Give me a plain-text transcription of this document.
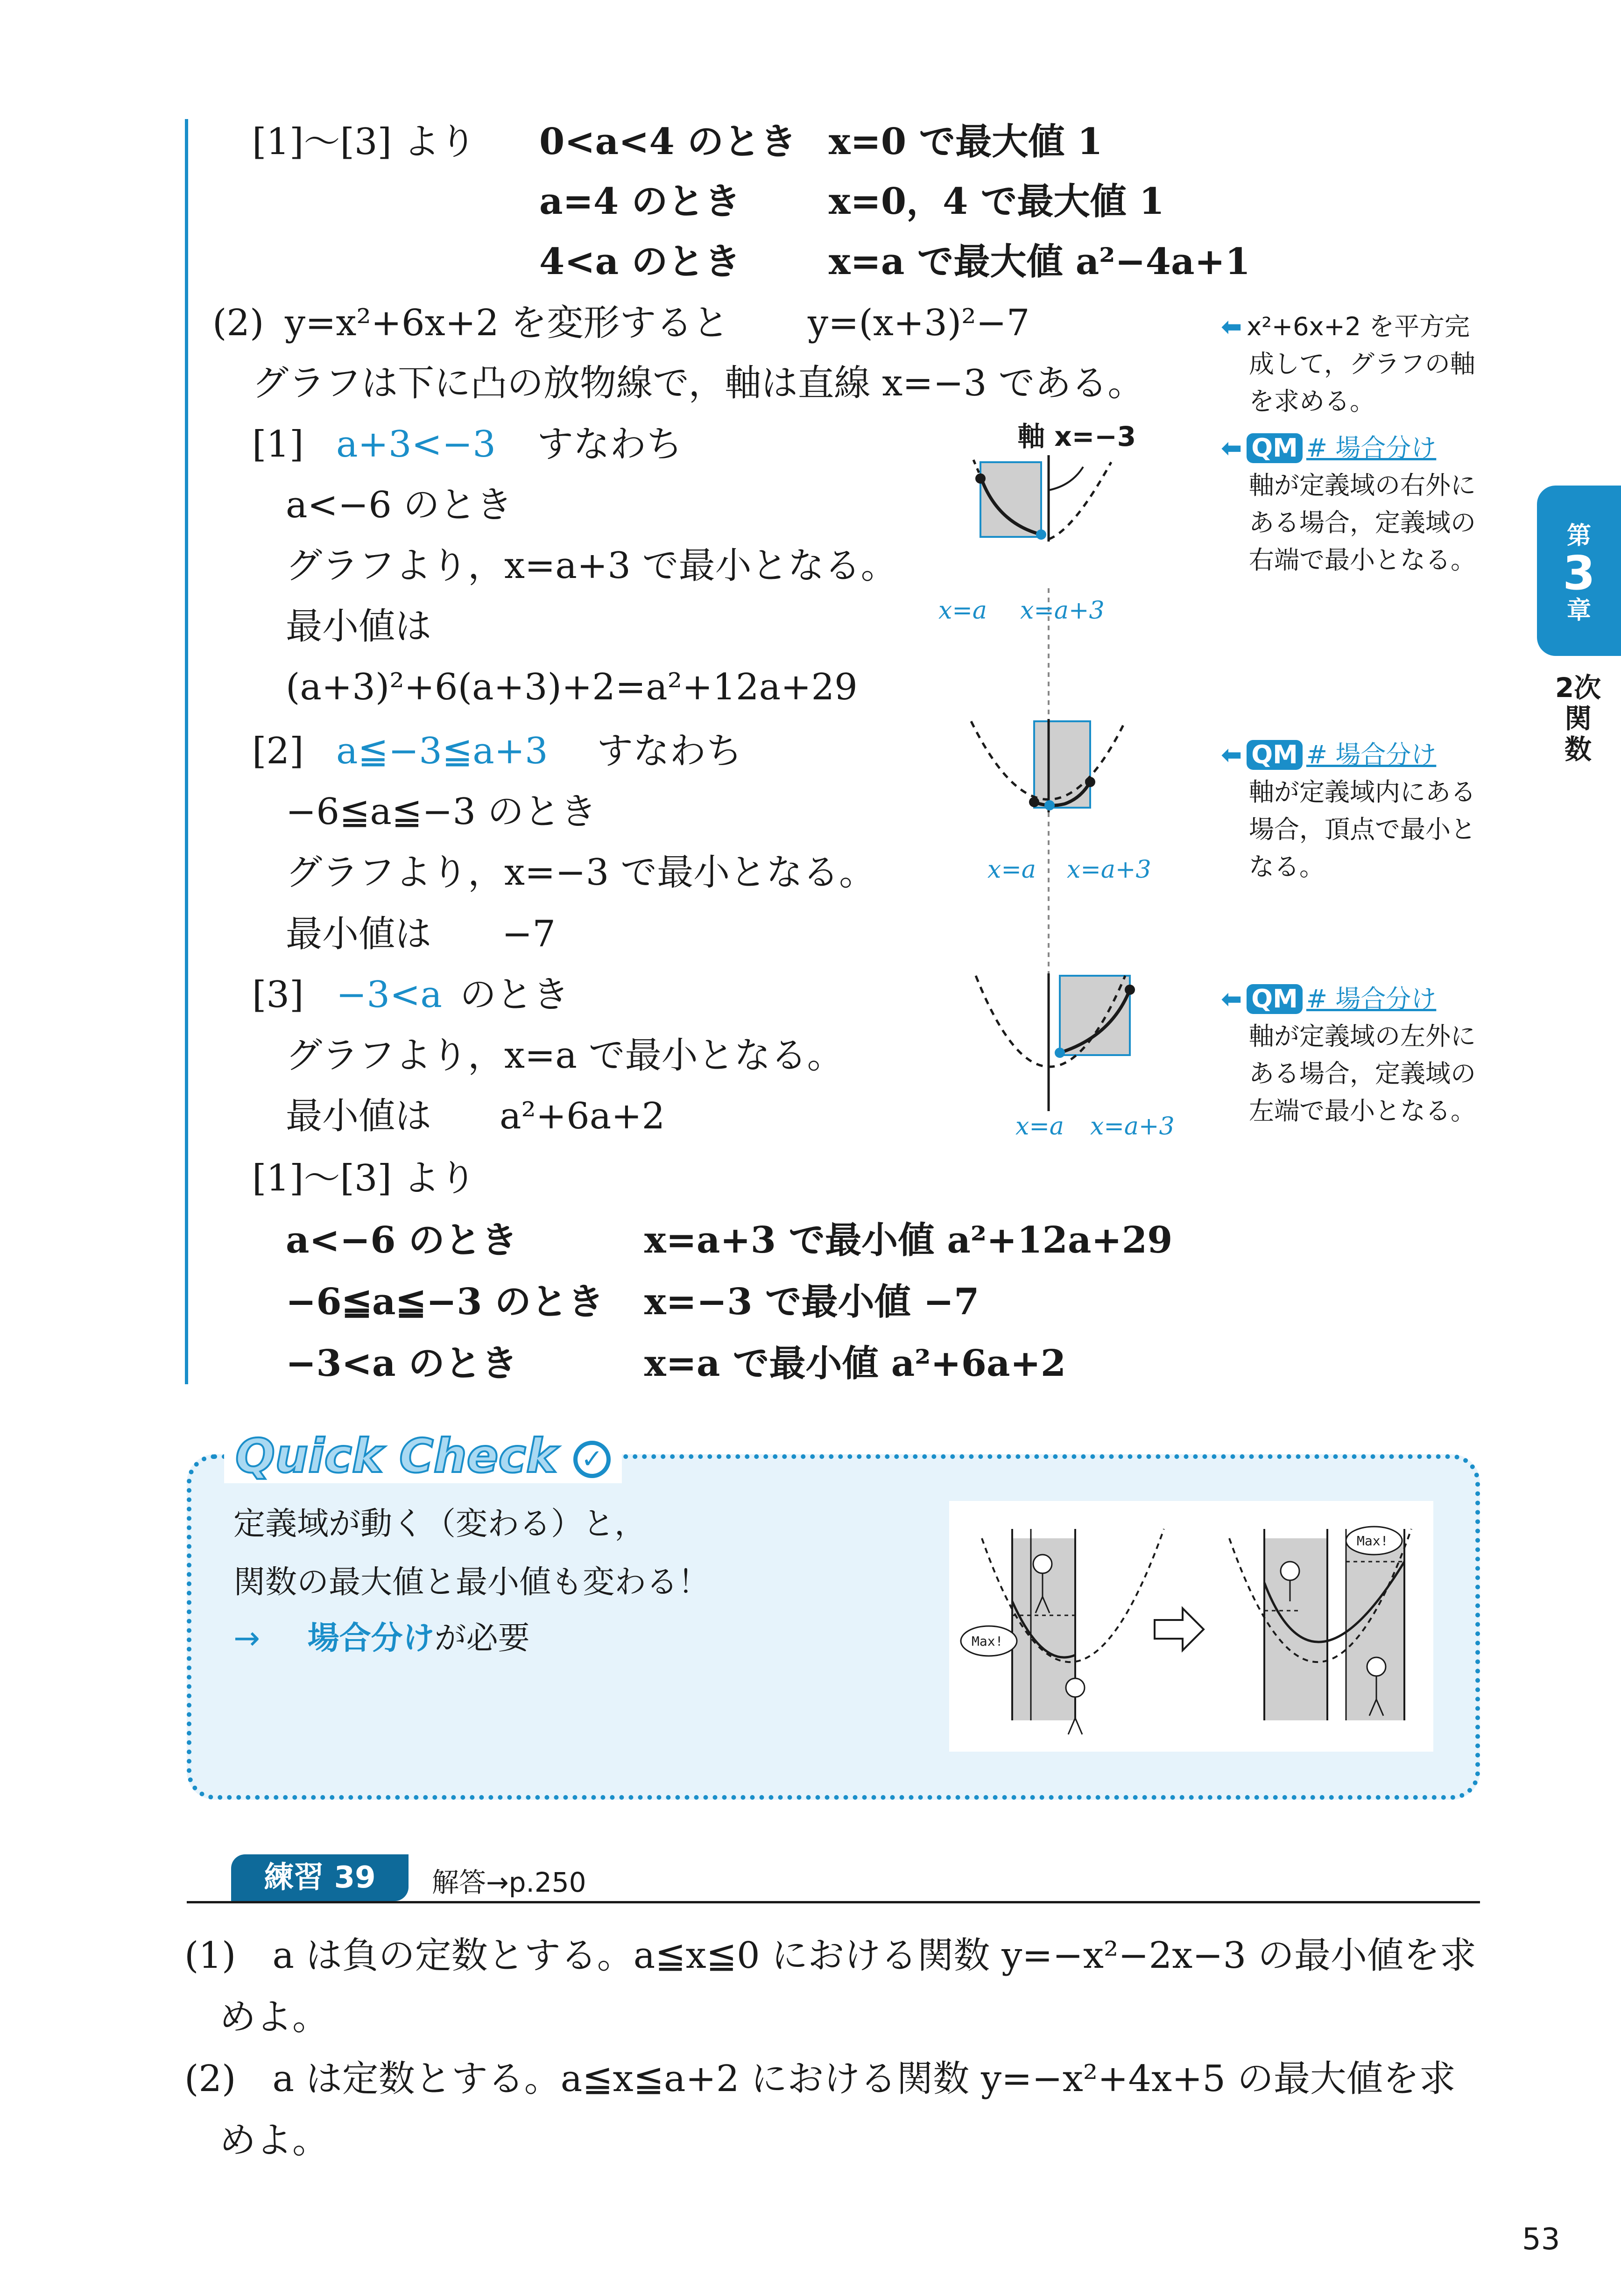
[1]～[3] より 0<a<4 のとき x=0 で最大値 1
a=4 のとき x=0，4 で最大値 1
4<a のとき x=a で最大値 a²−4a+1
(2) y=x²+6x+2 を変形すると y=(x+3)²−7
グラフは下に凸の放物線で，軸は直線 x=−3 である。
[1] a+3<−3 すなわち
a<−6 のとき
グラフより，x=a+3 で最小となる。
最小値は
(a+3)²+6(a+3)+2=a²+12a+29
[2] a≦−3≦a+3 すなわち
−6≦a≦−3 のとき
グラフより，x=−3 で最小となる。
最小値は −7
[3] −3<a のとき
グラフより，x=a で最小となる。
最小値は a²+6a+2
[1]～[3] より
a<−6 のとき	x=a+3 で最小値 a²+12a+29
−6≦a≦−3 のとき x=−3 で最小値 −7
−3<a のとき	x=a で最小値 a²+6a+2
軸 x=−3
x=a x=a+3
x=a x=a+3
x=a x=a+3
⬅ x²+6x+2 を平方完
成して，グラフの軸
を求める。
⬅ QM # 場合分け
軸が定義域の右外に
ある場合，定義域の
右端で最小となる。
⬅ QM # 場合分け
軸が定義域内にある
場合，頂点で最小と
なる。
⬅ QM # 場合分け
軸が定義域の左外に
ある場合，定義域の
左端で最小となる。
第
3
章
2次関数
Quick Check ✓
定義域が動く（変わる）と，
関数の最大値と最小値も変わる！
→ 場合分けが必要	Max!
Max!
練習 39	解答→p.250
(1)　a は負の定数とする。a≦x≦0 における関数 y=−x²−2x−3 の最小値を求
めよ。
(2)　a は定数とする。a≦x≦a+2 における関数 y=−x²+4x+5 の最大値を求
めよ。
53
